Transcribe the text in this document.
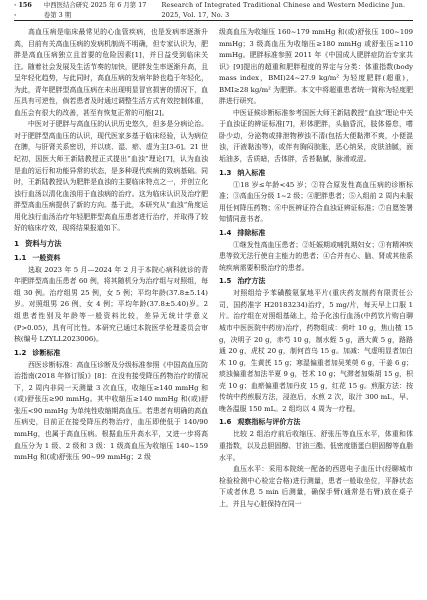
· 156 ·
中西医结合研究 2025 年 6 月第 17 卷第 3 期
Research of Integrated Traditional Chinese and Western Medicine Jun. 2025, Vol. 17, No. 3

高血压病是临床最常见的心血管疾病，也是发病率逐渐升高，目前有关高血压病的发病机制尚不明确，但专家认识为，肥胖是高血压病独立且首要的危险因素[1]，并日益受到临床关注。随着社会发展及生活节奏的加快，肥胖发生率逐渐升高，且呈年轻化趋势，与此同时，高血压病的发病年龄也趋于年轻化，为此，青年肥胖型高血压病在未出现明显冒官损害的情况下，血压具有可逆性，倘若患者及时通过调整生活方式有效控制体重，血压会有很大的改善，甚至有恢复正常的可能[2]。

中医对于肥胖与高血压的认识历史悠久，但多是分病论治。对于肥胖型高血压的认识，现代医家多基于临床经验，认为病位在脾，与肝肾关系密切，并以痰、湿、瘀、虚为主[3-6]。21 世纪初，国医大师王新陆教授正式提出“血浊”理论[7]，认为血浊是血的运行和功能异常的状态，是多种现代疾病的致病基础。同时，王新陆教授认为肥胖是血浊的主要临床特点之一，并创立化浊行血汤以清化血浊用于血浊病的治疗。这为临床认识及治疗肥胖型高血压病提供了新的方向。基于此，本研究从“血浊”角度运用化浊行血汤治疗年轻肥胖型高血压患者进行治疗，并取得了较好的临床疗效，现将结果报道如下。

1 资料与方法
1.1 一般资料

选取 2023 年 5 月—2024 年 2 月于本院心病科就诊的青年肥胖型高血压患者 60 例，将其随机分为治疗组与对照组，每组 30 例。治疗组男 25 例，女 5 例；平均年龄(37.8±5.14)岁。对照组男 26 例，女 4 例；平均年龄(37.8±5.40)岁。2 组患者性别及年龄等一般资料比较，差异无统计学意义(P>0.05)，具有可比性。本研究已通过本院医学伦理委员会审核(编号 LZYLL2023006)。

1.2 诊断标准

西医诊断标准：高血压诊断及分级标准参照《中国高血压防治指南(2018 年修订版)》[8]：在没有接受降压药物治疗的情况下，2 周内非同一天测量 3 次血压，收缩压≥140 mmHg 和(或)舒张压≥90 mmHg。其中收缩压≥140 mmHg 和(或)舒张压<90 mmHg 为单纯性收缩期高血压。若患者有明确的高血压病史，目前正在接受降压药物治疗，血压即使低于 140/90 mmHg，也属于高血压病。根据血压升高水平，又进一步将高血压分为 1 级、2 级和 3 级：1 级高血压为收缩压 140~159 mmHg 和(或)舒张压 90~99 mmHg；2 级

级高血压为收缩压 160~179 mmHg 和(或)舒张压 100~109 mmHg；3 级高血压为收缩压≥180 mmHg 或舒张压≥110 mmHg。肥胖标准参照 2011 年《中国成人肥胖症防治专家共识》[9]提出的超重和肥胖程度的界定与分类：体重指数(body mass index，BMI)24~27.9 kg/m² 为轻度肥胖(超重)，BMI≥28 kg/m² 为肥胖。本文中将超重患者统一简称为轻度肥胖进行研究。

中医证候诊断标准参考国医大师王新陆教授“血浊”理论中关于血浊证的辨证标准[7]，形体肥胖，头脑昏沉，肢体倦怠，嗜卧少动，分泌物或排泄物秽浊不清(包括大便黏滞不爽，小便混浊，汗液黏浊等)，或伴有胸闷脘胀，恶心纳呆，皮肤油腻，面垢油多，舌质暗，舌体胖，舌苔黏腻，脉滑或涩。

1.3 纳入标准

①18 岁≤年龄<45 岁；②符合原发性高血压病的诊断标准；③高血压分级 1~2 级；④肥胖患者；⑤入组前 2 周内未服用任何降压药物；⑥中医辨证符合血浊证辨证标准；⑦自愿签署知情同意书者。

1.4 排除标准

①继发性高血压患者；②妊娠期或哺乳期妇女；③有精神疾患等致无法行使自主能力的患者；④合并有心、脑、肾或其他系统疾病需要积极治疗的患者。

1.5 治疗方法

对照组给予苯磺酸氨氯地平片(重庆药友制药有限责任公司，国药准字 H20183234)治疗，5 mg/片，每天早上口服 1 片。治疗组在对照组基础上，给予化浊行血汤(中药饮片购自聊城市中医医院中药房)治疗，药物组成：荷叶 10 g，焦山楂 15 g，决明子 20 g，赤芍 10 g，制水蛭 5 g，酒大黄 5 g，路路通 20 g，虎杖 20 g，制何首乌 15 g。加减：气虚明显者加白术 10 g，生黄芪 15 g；寒湿偏重者加吴茱萸 6 g，干姜 6 g；痰浊偏重者加法半夏 9 g，苍术 10 g；气滞者加柴胡 15 g，枳壳 10 g；血瘀偏重者加丹皮 15 g，红花 15 g。煎服方法：按传统中药煎服方法，浸泡后，水煎 2 次，取汁 300 mL，早、晚各温服 150 mL。2 组均以 4 周为一疗程。

1.6 观察指标与评价方法

比较 2 组治疗前后收缩压、舒张压等血压水平，体重和体重指数，以及总胆固醇、甘油三酯、低密度脂蛋白胆固醇等血脂水平。

血压水平：采用本院统一配备的西恩电子血压计(经聊城市检验检测中心检定合格)进行测量，患者一般取坐位，平静状态下或者休息 5 min 后测量，确保手臂(通常是右臂)放在桌子上，并且与心脏保持在同一
